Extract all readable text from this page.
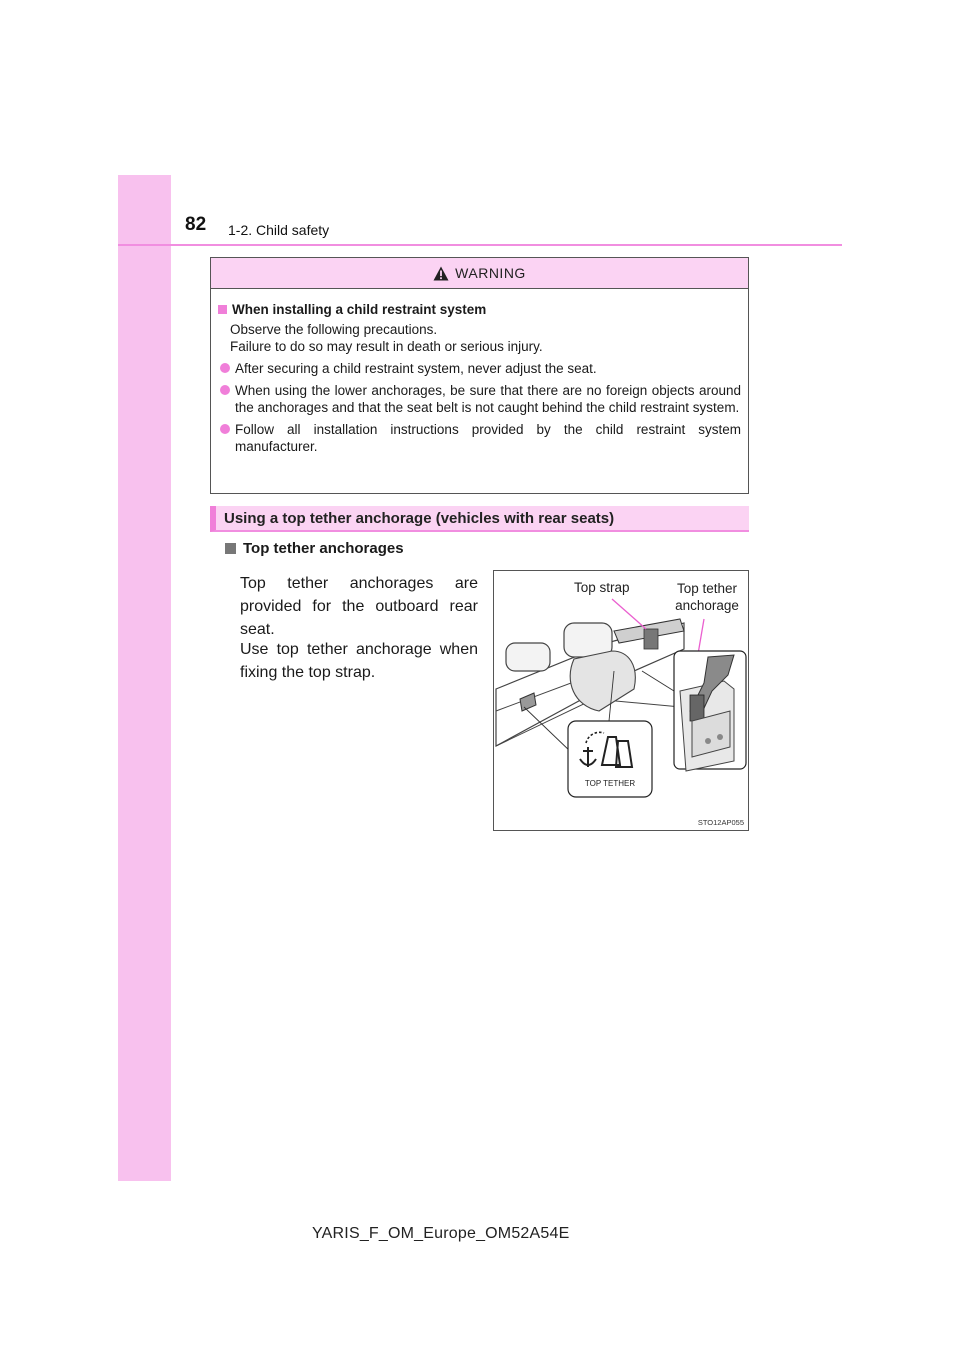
82 1-2. Child safety
WARNING
When installing a child restraint system
Observe the following precautions.
Failure to do so may result in death or serious injury.
After securing a child restraint system, never adjust the seat.
When using the lower anchorages, be sure that there are no foreign objects around the anchorages and that the seat belt is not caught behind the child restraint system.
Follow all installation instructions provided by the child restraint system manufacturer.
Using a top tether anchorage (vehicles with rear seats)
Top tether anchorages
Top tether anchorages are provided for the outboard rear seat.
Use top tether anchorage when fixing the top strap.
TOP TETHER
Top strap	Top tether
anchorage
STO12AP055
YARIS_F_OM_Europe_OM52A54E
